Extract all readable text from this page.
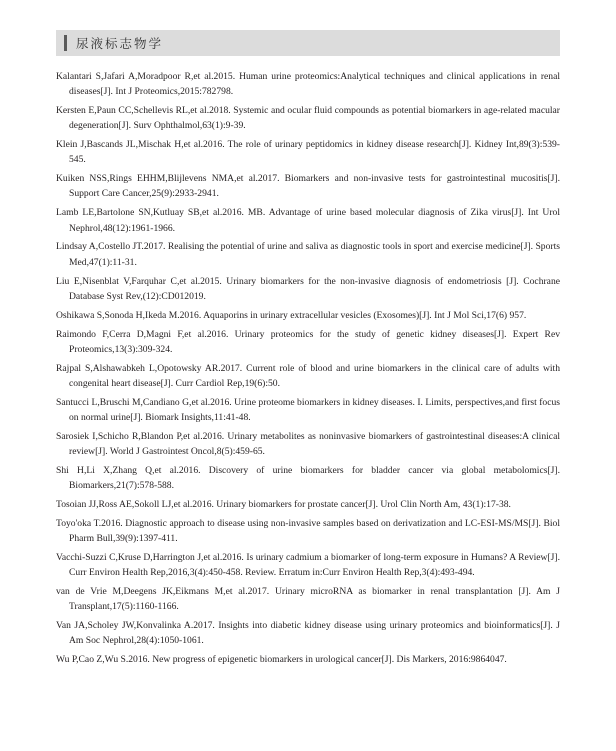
尿液标志物学
Kalantari S,Jafari A,Moradpoor R,et al.2015. Human urine proteomics:Analytical techniques and clinical applications in renal diseases[J]. Int J Proteomics,2015:782798.
Kersten E,Paun CC,Schellevis RL,et al.2018. Systemic and ocular fluid compounds as potential biomarkers in age-related macular degeneration[J]. Surv Ophthalmol,63(1):9-39.
Klein J,Bascands JL,Mischak H,et al.2016. The role of urinary peptidomics in kidney disease research[J]. Kidney Int,89(3):539-545.
Kuiken NSS,Rings EHHM,Blijlevens NMA,et al.2017. Biomarkers and non-invasive tests for gastrointestinal mucositis[J]. Support Care Cancer,25(9):2933-2941.
Lamb LE,Bartolone SN,Kutluay SB,et al.2016. MB. Advantage of urine based molecular diagnosis of Zika virus[J]. Int Urol Nephrol,48(12):1961-1966.
Lindsay A,Costello JT.2017. Realising the potential of urine and saliva as diagnostic tools in sport and exercise medicine[J]. Sports Med,47(1):11-31.
Liu E,Nisenblat V,Farquhar C,et al.2015. Urinary biomarkers for the non-invasive diagnosis of endometriosis [J]. Cochrane Database Syst Rev,(12):CD012019.
Oshikawa S,Sonoda H,Ikeda M.2016. Aquaporins in urinary extracellular vesicles (Exosomes)[J]. Int J Mol Sci,17(6) 957.
Raimondo F,Cerra D,Magni F,et al.2016. Urinary proteomics for the study of genetic kidney diseases[J]. Expert Rev Proteomics,13(3):309-324.
Rajpal S,Alshawabkeh L,Opotowsky AR.2017. Current role of blood and urine biomarkers in the clinical care of adults with congenital heart disease[J]. Curr Cardiol Rep,19(6):50.
Santucci L,Bruschi M,Candiano G,et al.2016. Urine proteome biomarkers in kidney diseases. I. Limits, perspectives,and first focus on normal urine[J]. Biomark Insights,11:41-48.
Sarosiek I,Schicho R,Blandon P,et al.2016. Urinary metabolites as noninvasive biomarkers of gastrointestinal diseases:A clinical review[J]. World J Gastrointest Oncol,8(5):459-65.
Shi H,Li X,Zhang Q,et al.2016. Discovery of urine biomarkers for bladder cancer via global metabolomics[J]. Biomarkers,21(7):578-588.
Tosoian JJ,Ross AE,Sokoll LJ,et al.2016. Urinary biomarkers for prostate cancer[J]. Urol Clin North Am, 43(1):17-38.
Toyo'oka T.2016. Diagnostic approach to disease using non-invasive samples based on derivatization and LC-ESI-MS/MS[J]. Biol Pharm Bull,39(9):1397-411.
Vacchi-Suzzi C,Kruse D,Harrington J,et al.2016. Is urinary cadmium a biomarker of long-term exposure in Humans? A Review[J]. Curr Environ Health Rep,2016,3(4):450-458. Review. Erratum in:Curr Environ Health Rep,3(4):493-494.
van de Vrie M,Deegens JK,Eikmans M,et al.2017. Urinary microRNA as biomarker in renal transplantation [J]. Am J Transplant,17(5):1160-1166.
Van JA,Scholey JW,Konvalinka A.2017. Insights into diabetic kidney disease using urinary proteomics and bioinformatics[J]. J Am Soc Nephrol,28(4):1050-1061.
Wu P,Cao Z,Wu S.2016. New progress of epigenetic biomarkers in urological cancer[J]. Dis Markers, 2016:9864047.
